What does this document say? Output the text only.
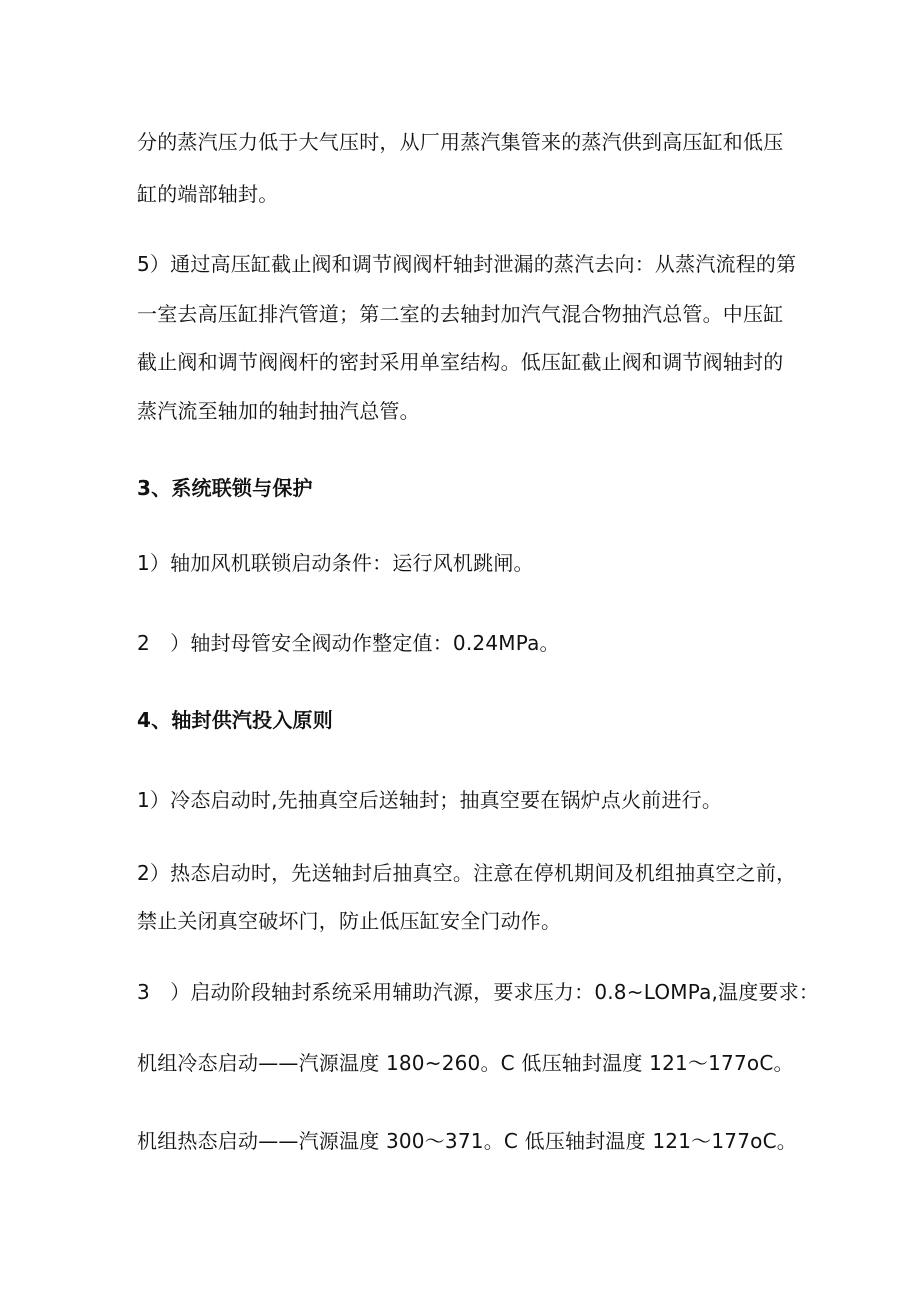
分的蒸汽压力低于大气压时，从厂用蒸汽集管来的蒸汽供到高压缸和低压
缸的端部轴封。
5）通过高压缸截止阀和调节阀阀杆轴封泄漏的蒸汽去向：从蒸汽流程的第
一室去高压缸排汽管道；第二室的去轴封加汽气混合物抽汽总管。中压缸
截止阀和调节阀阀杆的密封采用单室结构。低压缸截止阀和调节阀轴封的
蒸汽流至轴加的轴封抽汽总管。
3、系统联锁与保护
1）轴加风机联锁启动条件：运行风机跳闸。
2　）轴封母管安全阀动作整定值：0.24MPa。
4、轴封供汽投入原则
1）冷态启动时,先抽真空后送轴封；抽真空要在锅炉点火前进行。
2）热态启动时，先送轴封后抽真空。注意在停机期间及机组抽真空之前，
禁止关闭真空破坏门，防止低压缸安全门动作。
3　）启动阶段轴封系统采用辅助汽源，要求压力：0.8~LOMPa,温度要求：
机组冷态启动——汽源温度 180~260。C 低压轴封温度 121～177oC。
机组热态启动——汽源温度 300～371。C 低压轴封温度 121～177oC。
